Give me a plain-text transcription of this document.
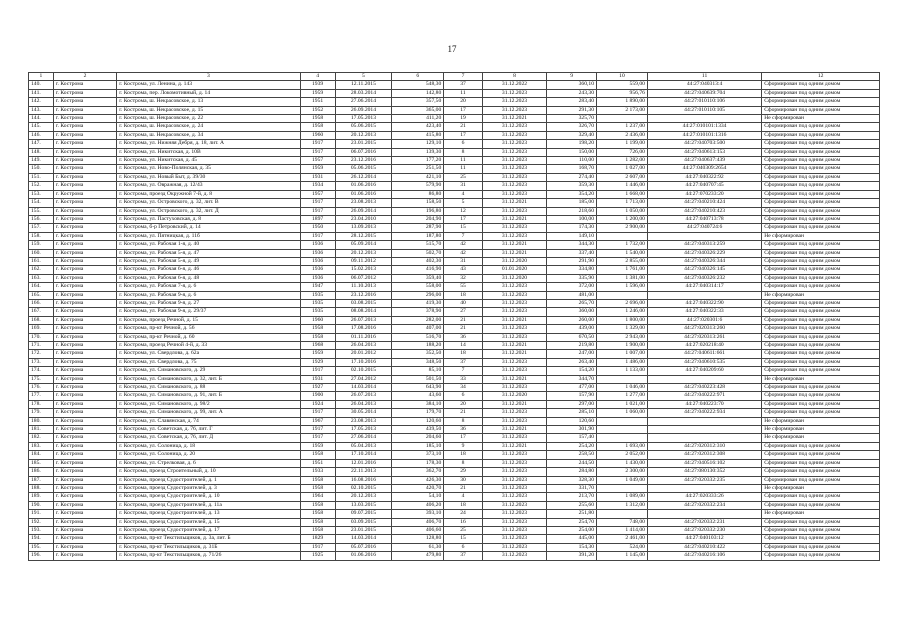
17
1	2	3	4	5	6	7	8	9	10	11	12
140.	г. Кострома	г. Кострома, ул. Ленина, д. 143	1939	12.11.2015	548,30	37	31.12.2022	360,10	559,00	44:27:040313:4	Сформирован под одним домом
141.	г. Кострома	г. Кострома, пер. Локомотивный, д. 14	1959	28.03.2014	142,80	11	31.12.2023	243,30	956,76	44:27:040639:704	Сформирован под одним домом
142.	г. Кострома	г. Кострома, ш. Некрасовское, д. 13	1951	27.06.2014	357,50	20	31.12.2023	283,40	1 890,00	44:27:010110:106	Сформирован под одним домом
143.	г. Кострома	г. Кострома, ш. Некрасовское, д. 15	1952	26.09.2014	365,00	17	31.12.2023	291,30	2 173,00	44:27:010110:105	Сформирован под одним домом
144.	г. Кострома	г. Кострома, ш. Некрасовское, д. 22	1958	17.05.2013	411,20	19	31.12.2021	325,70			Не сформирован
145.	г. Кострома	г. Кострома, ш. Некрасовское, д. 24	1958	05.06.2015	423,40	21	31.12.2023	326,70	1 237,00	44:27:010101:1334	Сформирован под одним домом
146.	г. Кострома	г. Кострома, ш. Некрасовское, д. 34	1960	20.12.2013	415,80	17	31.12.2023	329,40	2 436,00	44:27:010101:1316	Сформирован под одним домом
147.	г. Кострома	г. Кострома, ул. Нижняя Дебря, д. 18, лит. А	1917	23.01.2015	129,10	6	31.12.2023	198,20	1 199,00	44:27:040703:500	Сформирован под одним домом
148.	г. Кострома	г. Кострома, ул. Никитская, д. 10В	1917	06.07.2016	139,30	8	31.12.2023	150,00	726,00	44:27:040613:153	Сформирован под одним домом
149.	г. Кострома	г. Кострома, ул. Никитская, д. 45	1957	23.12.2016	177,20	11	31.12.2023	110,00	1 282,00	44:27:040637:439	Сформирован под одним домом
150.	г. Кострома	г. Кострома, ул. Ново-Полянская, д. 35	1959	05.06.2015	251,50	11	31.12.2023	168,70	1 027,00	44:27:040309:2654	Сформирован под одним домом
151.	г. Кострома	г. Кострома, ул. Новый Быт, д. 39/30	1931	26.12.2014	421,10	25	31.12.2023	274,40	2 607,00	44:27:040322:92	Сформирован под одним домом
152.	г. Кострома	г. Кострома, ул. Овражная, д. 12/43	1934	01.06.2016	579,90	31	31.12.2023	359,30	1 446,00	44:27:040707:45	Сформирован под одним домом
153.	г. Кострома	г. Кострома, проезд Окружной 7-й, д. 8	1957	01.06.2016	86,80	4	31.12.2023	354,20	1 668,00	44:27:070233:20	Сформирован под одним домом
154.	г. Кострома	г. Кострома, ул. Островского, д. 32, лит. В	1917	23.08.2013	158,50	5	31.12.2021	185,00	1 713,00	44:27:040210:424	Сформирован под одним домом
155.	г. Кострома	г. Кострома, ул. Островского, д. 32, лит. Д	1917	26.09.2014	196,80	12	31.12.2023	218,60	1 050,00	44:27:040210:423	Сформирован под одним домом
156.	г. Кострома	г. Кострома, ул. Пастуховская, д. 8	1897	23.04.2010	204,90	17	31.12.2021	100,00	1 200,00	44:27:040713:78	Сформирован под одним домом
157.	г. Кострома	г. Кострома, б-р Петровский, д. 14	1950	13.09.2013	287,90	15	31.12.2023	174,30	2 900,00	44:27:040724:6	Сформирован под одним домом
158.	г. Кострома	г. Кострома, ул. Пятницкая, д. 11б	1917	28.12.2015	187,80	7	31.12.2023	149,10			Не сформирован
159.	г. Кострома	г. Кострома, ул. Рабочая 1-я, д. 40	1936	05.09.2014	515,70	42	31.12.2021	344,30	1 732,00	44:27:040313:259	Сформирован под одним домом
160.	г. Кострома	г. Кострома, ул. Рабочая 5-я, д. 47	1936	20.12.2013	502,70	42	31.12.2021	337,40	1 540,00	44:27:040326:229	Сформирован под одним домом
161.	г. Кострома	г. Кострома, ул. Рабочая 5-я, д. 49	1936	09.11.2012	402,30	31	31.12.2020	291,90	2 855,00	44:27:040326:344	Сформирован под одним домом
162.	г. Кострома	г. Кострома, ул. Рабочая 6-я, д. 46	1936	15.02.2013	416,90	43	01.01.2020	334,80	1 761,00	44:27:040326:145	Сформирован под одним домом
163.	г. Кострома	г. Кострома, ул. Рабочая 6-я, д. 48	1936	06.07.2012	359,40	32	31.12.2020	335,90	1 381,00	44:27:040326:232	Сформирован под одним домом
164.	г. Кострома	г. Кострома, ул. Рабочая 7-я, д. 6	1947	11.10.2013	558,00	55	31.12.2023	372,00	1 596,00	44:27:040314:17	Сформирован под одним домом
165.	г. Кострома	г. Кострома, ул. Рабочая 9-я, д. 6	1935	23.12.2016	296,00	18	31.12.2023	481,00			Не сформирован
166.	г. Кострома	г. Кострома, ул. Рабочая 9-я, д. 27	1935	03.08.2015	419,30	40	31.12.2023	265,70	2 696,00	44:27:040322:90	Сформирован под одним домом
167.	г. Кострома	г. Кострома, ул. Рабочая 9-я, д. 29/37	1935	08.08.2014	378,90	27	31.12.2023	360,00	1 246,00	44:27:040322:33	Сформирован под одним домом
168.	г. Кострома	г. Кострома, проезд Речной, д. 15	1960	26.07.2013	282,00	21	31.12.2021	260,00	1 800,00	44:27:020301:6	Сформирован под одним домом
169.	г. Кострома	г. Кострома, пр-кт Речной, д. 56	1958	17.08.2016	407,00	21	31.12.2023	439,00	1 329,00	44:27:020313:260	Сформирован под одним домом
170.	г. Кострома	г. Кострома, пр-кт Речной, д. 60	1958	01.11.2016	516,70	36	31.12.2023	670,50	2 943,00	44:27:020313:261	Сформирован под одним домом
171.	г. Кострома	г. Кострома, проезд Речной 4-й, д. 33	1968	26.04.2013	188,20	14	31.12.2021	219,80	1 900,00	44:27:020218:40	Сформирован под одним домом
172.	г. Кострома	г. Кострома, ул. Свердлова, д. 62а	1959	20.01.2012	352,50	18	31.12.2021	247,00	1 007,00	44:27:040611:661	Сформирован под одним домом
173.	г. Кострома	г. Кострома, ул. Свердлова, д. 75	1929	17.10.2016	348,50	37	31.12.2023	263,40	1 486,00	44:27:040610:535	Сформирован под одним домом
174.	г. Кострома	г. Кострома, ул. Симановского, д. 29	1917	02.10.2015	85,10	7	31.12.2023	154,20	1 133,00	44:27:040209:60	Сформирован под одним домом
175.	г. Кострома	г. Кострома, ул. Симановского, д. 32, лит. Б	1931	27.04.2012	501,50	33	31.12.2021	344,70			Не сформирован
176.	г. Кострома	г. Кострома, ул. Симановского, д. 88	1927	14.03.2014	643,90	34	31.12.2023	477,00	1 046,00	44:27:040223:428	Сформирован под одним домом
177.	г. Кострома	г. Кострома, ул. Симановского, д. 91, лит. Б	1900	26.07.2013	43,60	6	31.12.2020	157,90	1 277,00	44:27:040222:971	Сформирован под одним домом
178.	г. Кострома	г. Кострома, ул. Симановского, д. 98/2	1924	26.04.2013	384,10	20	31.12.2021	297,00	1 021,00	44:27:040223:70	Сформирован под одним домом
179.	г. Кострома	г. Кострома, ул. Симановского, д. 99, лит. А	1917	30.05.2014	179,70	21	31.12.2023	285,10	1 060,00	44:27:040222:934	Сформирован под одним домом
180.	г. Кострома	г. Кострома, ул. Славянская, д. 74	1967	23.08.2013	120,60	8	31.12.2023	120,60			Не сформирован
181.	г. Кострома	г. Кострома, ул. Советская, д. 76, лит. Г	1917	17.05.2013	439,50	36	31.12.2021	301,90			Не сформирован
182.	г. Кострома	г. Кострома, ул. Советская, д. 76, лит. Д	1917	27.06.2014	204,60	17	31.12.2023	157,40			Не сформирован
183.	г. Кострома	г. Кострома, ул. Солоница, д. 18	1959	05.04.2013	185,10	9	31.12.2021	254,20	1 693,00	44:27:020312:310	Сформирован под одним домом
184.	г. Кострома	г. Кострома, ул. Солоница, д. 20	1958	17.10.2014	373,10	18	31.12.2023	258,50	2 052,00	44:27:020312:308	Сформирован под одним домом
185.	г. Кострома	г. Кострома, ул. Стрелковая, д. 6	1951	12.01.2016	178,30	8	31.12.2023	244,50	1 430,00	44:27:040516:102	Сформирован под одним домом
186.	г. Кострома	г. Кострома, проезд Строительный, д. 10	1933	22.11.2013	362,70	29	31.12.2023	284,80	2 300,00	44:27:080130:352	Сформирован под одним домом
187.	г. Кострома	г. Кострома, проезд Судостроителей, д. 1	1958	16.08.2016	426,30	30	31.12.2023	328,30	1 049,00	44:27:020332:235	Сформирован под одним домом
188.	г. Кострома	г. Кострома, проезд Судостроителей, д. 3	1958	02.10.2015	420,70	21	31.12.2023	331,70			Не сформирован
189.	г. Кострома	г. Кострома, проезд Судостроителей, д. 10	1964	20.12.2013	54,10	4	31.12.2023	213,70	1 089,00	44:27:020333:26	Сформирован под одним домом
190.	г. Кострома	г. Кострома, проезд Судостроителей, д. 11а	1958	13.03.2015	406,20	18	31.12.2023	255,60	1 312,00	44:27:020332:234	Сформирован под одним домом
191.	г. Кострома	г. Кострома, проезд Судостроителей, д. 13	1958	09.07.2015	393,10	24	31.12.2023	251,80			Не сформирован
192.	г. Кострома	г. Кострома, проезд Судостроителей, д. 15	1958	03.09.2015	406,70	16	31.12.2023	254,70	748,00	44:27:020332:231	Сформирован под одним домом
193.	г. Кострома	г. Кострома, проезд Судостроителей, д. 17	1958	23.01.2015	406,60	25	31.12.2023	254,00	1 414,00	44:27:020332:230	Сформирован под одним домом
194.	г. Кострома	г. Кострома, пр-кт Текстильщиков, д. 3а, лит. Б	1829	14.03.2014	128,80	15	31.12.2023	445,00	2 461,00	44:27:040103:12	Сформирован под одним домом
195.	г. Кострома	г. Кострома, пр-кт Текстильщиков, д. 31Б	1917	05.07.2016	61,30	6	31.12.2023	154,30	524,00	44:27:040210:422	Сформирован под одним домом
196.	г. Кострома	г. Кострома, пр-кт Текстильщиков, д. 71/26	1925	01.06.2016	479,80	37	31.12.2023	391,20	1 145,00	44:27:040216:106	Сформирован под одним домом
